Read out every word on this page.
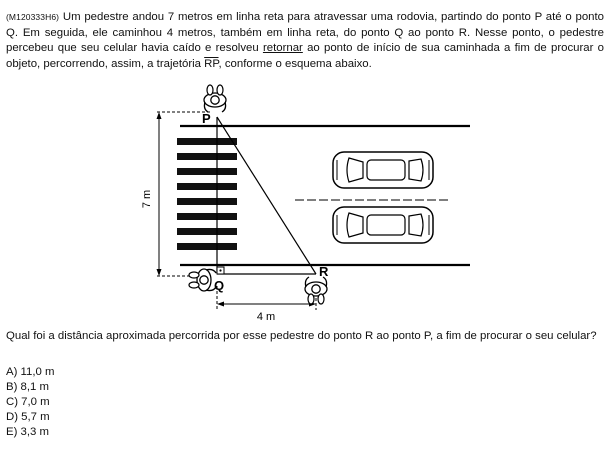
(M120333H6) Um pedestre andou 7 metros em linha reta para atravessar uma rodovia, partindo do ponto P até o ponto Q. Em seguida, ele caminhou 4 metros, também em linha reta, do ponto Q ao ponto R. Nesse ponto, o pedestre percebeu que seu celular havia caído e resolveu retornar ao ponto de início de sua caminhada a fim de procurar o objeto, percorrendo, assim, a trajetória $\overline{RP}$, conforme o esquema abaixo.
7 m
4 m
P
Q
R
Qual foi a distância aproximada percorrida por esse pedestre do ponto R ao ponto P, a fim de procurar o seu celular?
A) 11,0 m
B) 8,1 m
C) 7,0 m
D) 5,7 m
E) 3,3 m
